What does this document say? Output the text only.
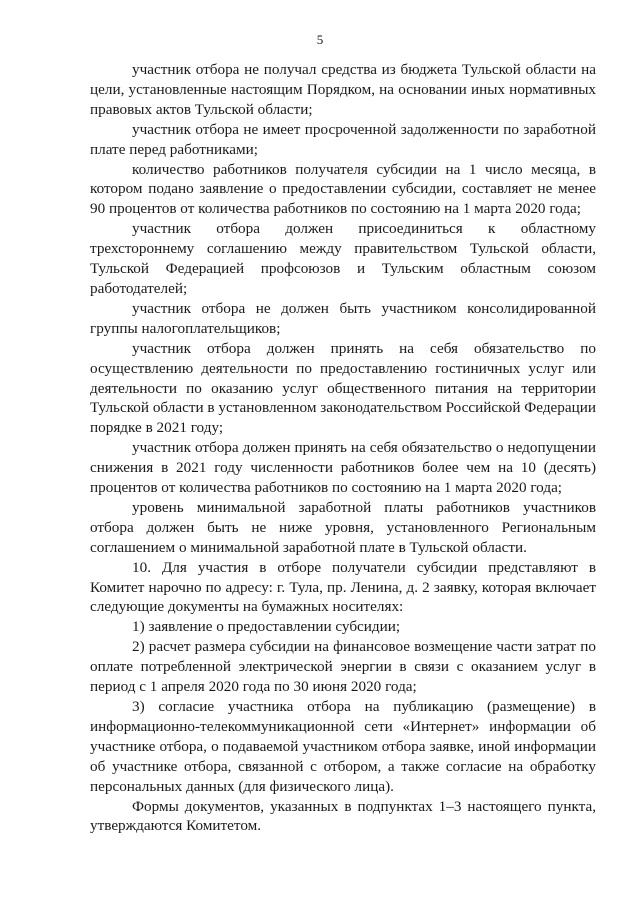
5

участник отбора не получал средства из бюджета Тульской области на цели, установленные настоящим Порядком, на основании иных нормативных правовых актов Тульской области;

участник отбора не имеет просроченной задолженности по заработной плате перед работниками;

количество работников получателя субсидии на 1 число месяца, в котором подано заявление о предоставлении субсидии, составляет не менее 90 процентов от количества работников по состоянию на 1 марта 2020 года;

участник отбора должен присоединиться к областному трехстороннему соглашению между правительством Тульской области, Тульской Федерацией профсоюзов и Тульским областным союзом работодателей;

участник отбора не должен быть участником консолидированной группы налогоплательщиков;

участник отбора должен принять на себя обязательство по осуществлению деятельности по предоставлению гостиничных услуг или деятельности по оказанию услуг общественного питания на территории Тульской области в установленном законодательством Российской Федерации порядке в 2021 году;

участник отбора должен принять на себя обязательство о недопущении снижения в 2021 году численности работников более чем на 10 (десять) процентов от количества работников по состоянию на 1 марта 2020 года;

уровень минимальной заработной платы работников участников отбора должен быть не ниже уровня, установленного Региональным соглашением о минимальной заработной плате в Тульской области.

10. Для участия в отборе получатели субсидии представляют в Комитет нарочно по адресу: г. Тула, пр. Ленина, д. 2 заявку, которая включает следующие документы на бумажных носителях:

1) заявление о предоставлении субсидии;

2) расчет размера субсидии на финансовое возмещение части затрат по оплате потребленной электрической энергии в связи с оказанием услуг в период с 1 апреля 2020 года по 30 июня 2020 года;

3) согласие участника отбора на публикацию (размещение) в информационно-телекоммуникационной сети «Интернет» информации об участнике отбора, о подаваемой участником отбора заявке, иной информации об участнике отбора, связанной с отбором, а также согласие на обработку персональных данных (для физического лица).

Формы документов, указанных в подпунктах 1–3 настоящего пункта, утверждаются Комитетом.
